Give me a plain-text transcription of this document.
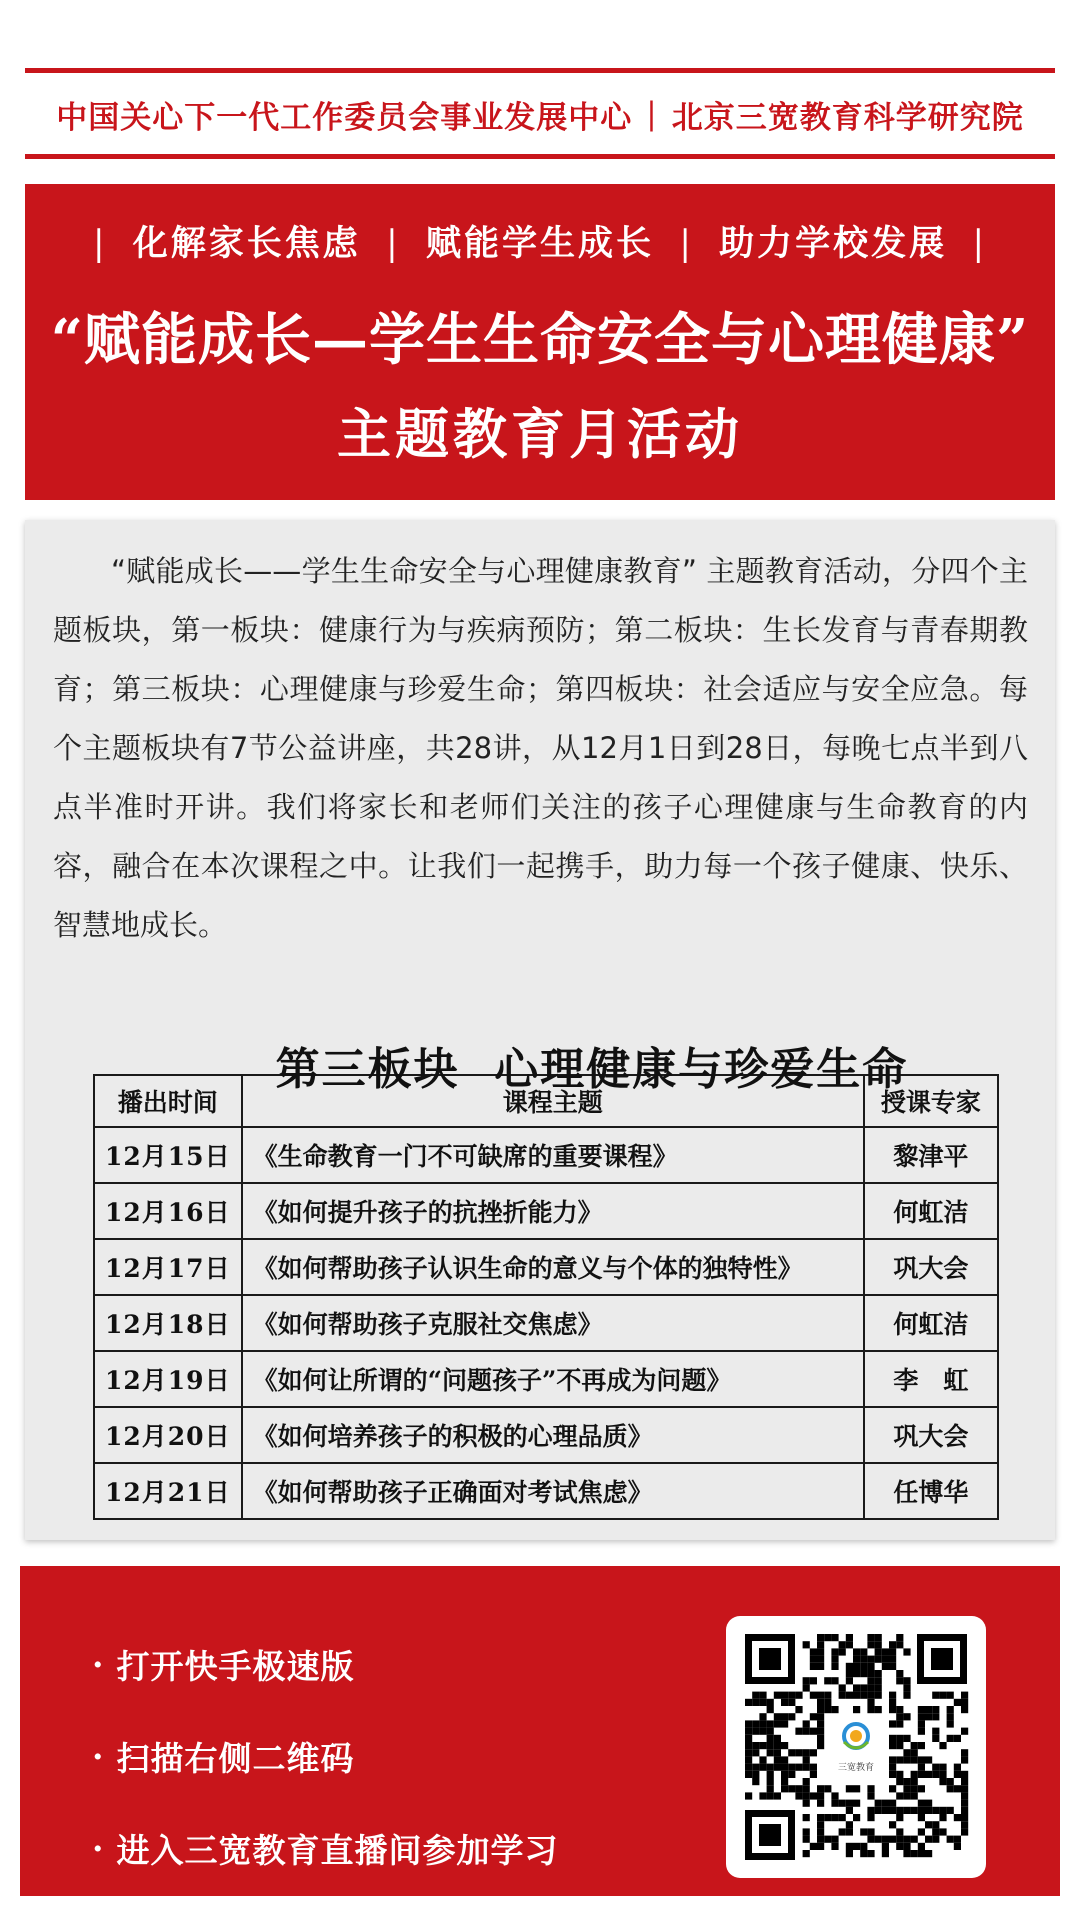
中国关心下一代工作委员会事业发展中心 | 北京三宽教育科学研究院
| 化解家长焦虑 | 赋能学生成长 | 助力学校发展 |
“赋能成长—学生生命安全与心理健康”
主题教育月活动

“赋能成长——学生生命安全与心理健康教育” 主题教育活动，分四个主题板块，第一板块：健康行为与疾病预防；第二板块：生长发育与青春期教育；第三板块：心理健康与珍爱生命；第四板块：社会适应与安全应急。每个主题板块有7节公益讲座，共28讲，从12月1日到28日，每晚七点半到八点半准时开讲。我们将家长和老师们关注的孩子心理健康与生命教育的内容，融合在本次课程之中。让我们一起携手，助力每一个孩子健康、快乐、智慧地成长。

第三板块  心理健康与珍爱生命

播出时间	课程主题	授课专家
12月15日	《生命教育一门不可缺席的重要课程》	黎津平
12月16日	《如何提升孩子的抗挫折能力》	何虹洁
12月17日	《如何帮助孩子认识生命的意义与个体的独特性》	巩大会
12月18日	《如何帮助孩子克服社交焦虑》	何虹洁
12月19日	《如何让所谓的“问题孩子”不再成为问题》	李　虹
12月20日	《如何培养孩子的积极的心理品质》	巩大会
12月21日	《如何帮助孩子正确面对考试焦虑》	任博华
· 打开快手极速版
· 扫描右侧二维码
· 进入三宽教育直播间参加学习
三宽教育
